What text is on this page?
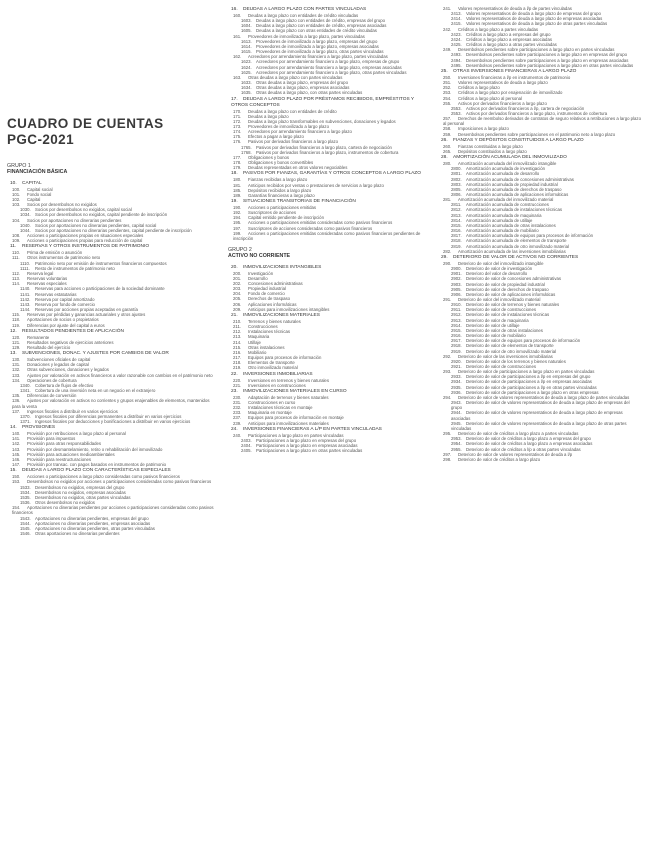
CUADRO DE CUENTAS
PGC-2021
GRUPO 1
FINANCIACIÓN BÁSICA
10. CAPITAL
100. Capital social
101. Fondo social
102. Capital
103. Socios por desembolsos no exigidos
1030. Socios por desembolsos no exigidos, capital social
1034. Socios por desembolsos no exigidos, capital pendiente de inscripción
104. Socios por aportaciones no dinerarias pendientes
1040. Socios por aportaciones no dinerarias pendientes, capital social
1044. Socios por aportaciones no dinerarias pendientes, capital pendiente de inscripción
108. Acciones o participaciones propias en situaciones especiales
109. Acciones o participaciones propias para reducción de capital
11. RESERVAS Y OTROS INSTRUMENTOS DE PATRIMONIO
110. Prima de emisión o asunción
111. Otros instrumentos de patrimonio neto
1110. Patrimonio neto por emisión de instrumentos financieros compuestos
1111. Resto de instrumentos de patrimonio neto
112. Reserva legal
113. Reservas voluntarias
114. Reservas especiales
1140. Reservas para acciones o participaciones de la sociedad dominante
1141. Reservas estatutarias
1142. Reserva por capital amortizado
1143. Reserva por fondo de comercio
1144. Reservas por acciones propias aceptadas en garantía
115. Reservas por pérdidas y ganancias actuariales y otros ajustes
118. Aportaciones de socios o propietarios
119. Diferencias por ajuste del capital a euros
12. RESULTADOS PENDIENTES DE APLICACIÓN
120. Remanente
121. Resultados negativos de ejercicios anteriores
129. Resultado del ejercicio
13. SUBVENCIONES, DONAC. Y AJUSTES POR CAMBIOS DE VALOR
130. Subvenciones oficiales de capital
131. Donaciones y legados de capital
132. Otras subvenciones, donaciones y legados
133. Ajustes por valoración en activos financieros a valor razonable con cambios en el patrimonio neto
134. Operaciones de cobertura
1340. Cobertura de flujos de efectivo
1341. Cobertura de una inversión neta en un negocio en el extranjero
135. Diferencias de conversión
136. Ajustes por valoración en activos no corrientes y grupos enajenables de elementos, mantenidos para la venta
137. Ingresos fiscales a distribuir en varios ejercicios
1370. Ingresos fiscales por diferencias permanentes a distribuir en varios ejercicios
1371. Ingresos fiscales por deducciones y bonificaciones a distribuir en varios ejercicios
14. PROVISIONES
140. Provisión por retribuciones a largo plazo al personal
141. Provisión para impuestos
142. Provisión para otras responsabilidades
143. Provisión por desmantelamiento, retiro o rehabilitación del inmovilizado
145. Provisión para actuaciones medioambientales
146. Provisión para reestructuraciones
147. Provisión por transac. con pagos basados en instrumentos de patrimonio
15. DEUDAS A LARGO PLAZO CON CARACTERÍSTICAS ESPECIALES
150. Acciones o participaciones a largo plazo consideradas como pasivos financieros
153. Desembolsos no exigidos por acciones o participaciones consideradas como pasivos financieros
1533. Desembolsos no exigidos, empresas del grupo
1534. Desembolsos no exigidos, empresas asociadas
1535. Desembolsos no exigidos, otras partes vinculadas
1536. Otros desembolsos no exigidos
154. Aportaciones no dinerarias pendientes por acciones o participaciones consideradas como pasivos financieros
1543. Aportaciones no dinerarias pendientes, empresas del grupo
1544. Aportaciones no dinerarias pendientes, empresas asociadas
1545. Aportaciones no dinerarias pendientes, otras partes vinculadas
1546. Otras aportaciones no dinerarias pendientes
16. DEUDAS A LARGO PLAZO CON PARTES VINCULADAS
160. Deudas a largo plazo con entidades de crédito vinculadas
1603. Deudas a largo plazo con entidades de crédito, empresas del grupo
1604. Deudas a largo plazo con entidades de crédito, empresas asociadas
1605. Deudas a largo plazo con otras entidades de crédito vinculadas
161. Proveedores de inmovilizado a largo plazo, partes vinculadas
1613. Proveedores de inmovilizado a largo plazo, empresas del grupo
1614. Proveedores de inmovilizado a largo plazo, empresas asociadas
1615. Proveedores de inmovilizado a largo plazo, otras partes vinculadas
162. Acreedores por arrendamiento financiero a largo plazo, partes vinculadas
1623. Acreedores por arrendamiento financiero a largo plazo, empresas de grupo
1624. Acreedores por arrendamiento financiero a largo plazo, empresas asociadas
1625. Acreedores por arrendamiento financiero a largo plazo, otras partes vinculadas
163. Otras deudas a largo plazo con partes vinculadas
1633. Otras deudas a largo plazo, empresas del grupo
1634. Otras deudas a largo plazo, empresas asociadas
1635. Otras deudas a largo plazo, con otras partes vinculadas
17. DEUDAS A LARGO PLAZO POR PRÉSTAMOS RECIBIDOS, EMPRÉSTITOS Y OTROS CONCEPTOS
170. Deudas a largo plazo con entidades de crédito
171. Deudas a largo plazo
172. Deudas a largo plazo transformables en subvenciones, donaciones y legados
173. Proveedores de inmovilizado a largo plazo
174. Acreedores por arrendamiento financiero a largo plazo
175. Efectos a pagar a largo plazo
176. Pasivos por derivados financieros a largo plazo
1765. Pasivos por derivados financieros a largo plazo, cartera de negociación
1768. Pasivos por derivados financieros a largo plazo, instrumentos de cobertura
177. Obligaciones y bonos
178. Obligaciones y bonos convertibles
179. Deudas representadas en otros valores negociables
18. PASIVOS POR FIANZAS, GARANTÍAS Y OTROS CONCEPTOS A LARGO PLAZO
180. Fianzas recibidas a largo plazo
181. Anticipos recibidos por ventas o prestaciones de servicios a largo plazo
185. Depósitos recibidos a largo plazo
189. Garantías financieras a largo plazo
19. SITUACIONES TRANSITORIAS DE FINANCIACIÓN
190. Acciones o participaciones emitidas
192. Suscriptores de acciones
194. Capital emitido pendiente de inscripción
195. Acciones o participaciones emitidas consideradas como pasivos financieros
197. Suscriptores de acciones consideradas como pasivos financieros
199. Acciones o participaciones emitidas consideradas como pasivos financieros pendientes de inscripción
GRUPO 2
ACTIVO NO CORRIENTE
20. INMOVILIZACIONES INTANGIBLES
200. Investigación
201. Desarrollo
202. Concesiones administrativas
203. Propiedad industrial
204. Fondo de comercio
205. Derechos de traspaso
206. Aplicaciones informáticas
209. Anticipos para inmovilizaciones intangibles
21. INMOVILIZACIONES MATERIALES
210. Terrenos y bienes naturales
211. Construcciones
212. Instalaciones técnicas
213. Maquinaria
214. Utillaje
215. Otras instalaciones
216. Mobiliario
217. Equipos para procesos de información
218. Elementos de transporte
219. Otro inmovilizado material
22. INVERSIONES INMOBILIARIAS
220. Inversiones en terrenos y bienes naturales
221. Inversiones en construcciones
23. INMOVILIZACIONES MATERIALES EN CURSO
230. Adaptación de terrenos y bienes naturales
231. Construcciones en curso
232. Instalaciones técnicas en montaje
233. Maquinaria en montaje
237. Equipos para procesos de información en montaje
239. Anticipos para inmovilizaciones materiales
24. INVERSIONES FINANCIERAS A L/P EN PARTES VINCULADAS
240. Participaciones a largo plazo en partes vinculadas
2403. Participaciones a largo plazo en empresas del grupo
2404. Participaciones a largo plazo en empresas asociadas
2405. Participaciones a largo plazo en otras partes vinculadas
241. Valores representativos de deuda a l/p de partes vinculadas
2413. Valores representativos de deuda a largo plazo de empresas del grupo
2414. Valores representativos de deuda a largo plazo de empresas asociadas
2415. Valores representativos de deuda a largo plazo de otras partes vinculadas
242. Créditos a largo plazo a partes vinculadas
2423. Créditos a largo plazo a empresas del grupo
2424. Créditos a largo plazo a empresas asociadas
2425. Créditos a largo plazo a otras partes vinculadas
249. Desembolsos pendientes sobre participaciones a largo plazo en partes vinculadas
2493. Desembolsos pendientes sobre participaciones a largo plazo en empresas del grupo
2494. Desembolsos pendientes sobre participaciones a largo plazo en empresas asociadas
2495. Desembolsos pendientes sobre participaciones a largo plazo en otras partes vinculadas
25. OTRAS INVERSIONES FINANCIERAS A LARGO PLAZO
250. Inversiones financieras a l/p en instrumentos de patrimonio
251. Valores representativos de deuda a largo plazo
252. Créditos a largo plazo
253. Créditos a largo plazo por enajenación de inmovilizado
254. Créditos a largo plazo al personal
255. Activos por derivados financieros a largo plazo
2553. Activos por derivados financieros a l/p, cartera de negociación
2553. Activos por derivados financieros a largo plazo, instrumentos de cobertura
257. Derechos de reembolso derivados de contratos de seguro relativos a retribuciones a largo plazo al personal
258. Imposiciones a largo plazo
259. Desembolsos pendientes sobre participaciones en el patrimonio neto a largo plazo
26. FIANZAS Y DEPÓSITOS CONSTITUIDOS A LARGO PLAZO
260. Fianzas constituidas a largo plazo
265. Depósitos constituidos a largo plazo
28. AMORTIZACIÓN ACUMULADA DEL INMOVILIZADO
280. Amortización acumulada del inmovilizado intangible
2800. Amortización acumulada de investigación
2801. Amortización acumulada de desarrollo
2802. Amortización acumulada de concesiones administrativas
2803. Amortización acumulada de propiedad industrial
2805. Amortización acumulada de derechos de traspaso
2806. Amortización acumulada de aplicaciones informáticas
281. Amortización acumulada del inmovilizado material
2811. Amortización acumulada de construcciones
2812. Amortización acumulada de instalaciones técnicas
2813. Amortización acumulada de maquinaria
2814. Amortización acumulada de utillaje
2815. Amortización acumulada de otras instalaciones
2816. Amortización acumulada de mobiliario
2817. Amortización acumulada de equipos para procesos de información
2818. Amortización acumulada de elementos de transporte
2819. Amortización acumulada de otro inmovilizado material
282. Amortización acumulada de las inversiones inmobiliarias
29. DETERIORO DE VALOR DE ACTIVOS NO CORRIENTES
290. Deterioro de valor del inmovilizado intangible
2900. Deterioro de valor de investigación
2901. Deterioro del valor de desarrollo
2902. Deterioro de valor de concesiones administrativas
2903. Deterioro de valor de propiedad industrial
2905. Deterioro de valor de derechos de traspaso
2906. Deterioro de valor de aplicaciones informáticas
291. Deterioro de valor del inmovilizado material
2910. Deterioro de valor de terrenos y bienes naturales
2911. Deterioro de valor de construcciones
2912. Deterioro de valor de instalaciones técnicas
2913. Deterioro de valor de maquinaria
2914. Deterioro de valor de utillaje
2915. Deterioro de valor de otras instalaciones
2916. Deterioro de valor de mobiliario
2917. Deterioro de valor de equipos para procesos de información
2918. Deterioro de valor de elementos de transporte
2919. Deterioro de valor de otro inmovilizado material
292. Deterioro de valor de las inversiones inmobiliarias
2920. Deterioro de valor de los terrenos y bienes naturales
2921. Deterioro de valor de construcciones
293. Deterioro de valor de participaciones a largo plazo en partes vinculadas
2933. Deterioro de valor de participaciones a l/p en empresas del grupo
2934. Deterioro de valor de participaciones a l/p en empresas asociadas
2935. Deterioro de valor de participaciones a l/p en otras partes vinculadas
2936. Deterioro de valor de participaciones a largo plazo en otras empresas
294. Deterioro de valor de valores representativos de deuda a largo plazo de partes vinculadas
2943. Deterioro de valor de valores representativos de deuda a largo plazo de empresas del grupo
2944. Deterioro de valor de valores representativos de deuda a largo plazo de empresas asociadas
2945. Deterioro de valor de valores representativos de deuda a largo plazo de otras partes vinculadas
295. Deterioro de valor de créditos a largo plazo a partes vinculadas
2953. Deterioro de valor de créditos a largo plazo a empresas del grupo
2954. Deterioro de valor de créditos a largo plazo a empresas asociadas
2955. Deterioro de valor de créditos a l/p a otras partes vinculadas
297. Deterioro de valor de valores representativos de deuda a l/p
298. Deterioro de valor de créditos a largo plazo
